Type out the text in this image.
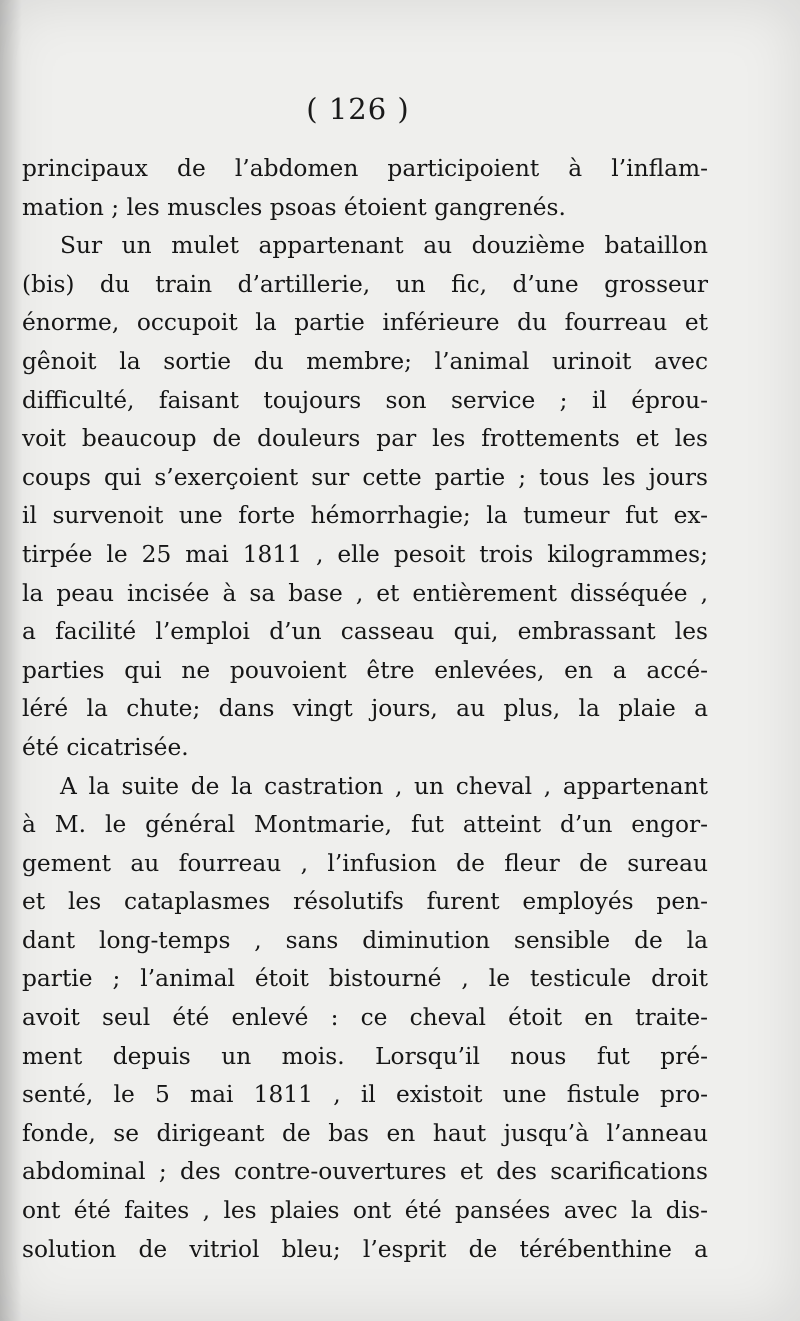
( 126 )
principaux de l’abdomen participoient à l’inflam-
mation ; les muscles psoas étoient gangrenés.
Sur un mulet appartenant au douzième bataillon
(bis) du train d’artillerie, un fic, d’une grosseur
énorme, occupoit la partie inférieure du fourreau et
gênoit la sortie du membre; l’animal urinoit avec
difficulté, faisant toujours son service ; il éprou-
voit beaucoup de douleurs par les frottements et les
coups qui s’exerçoient sur cette partie ; tous les jours
il survenoit une forte hémorrhagie; la tumeur fut ex-
tirpée le 25 mai 1811 , elle pesoit trois kilogrammes;
la peau incisée à sa base , et entièrement disséquée ,
a facilité l’emploi d’un casseau qui, embrassant les
parties qui ne pouvoient être enlevées, en a accé-
léré la chute; dans vingt jours, au plus, la plaie a
été cicatrisée.
A la suite de la castration , un cheval , appartenant
à M. le général Montmarie, fut atteint d’un engor-
gement au fourreau , l’infusion de fleur de sureau
et les cataplasmes résolutifs furent employés pen-
dant long-temps , sans diminution sensible de la
partie ; l’animal étoit bistourné , le testicule droit
avoit seul été enlevé : ce cheval étoit en traite-
ment depuis un mois. Lorsqu’il nous fut pré-
senté, le 5 mai 1811 , il existoit une fistule pro-
fonde, se dirigeant de bas en haut jusqu’à l’anneau
abdominal ; des contre-ouvertures et des scarifications
ont été faites , les plaies ont été pansées avec la dis-
solution de vitriol bleu; l’esprit de térébenthine a
